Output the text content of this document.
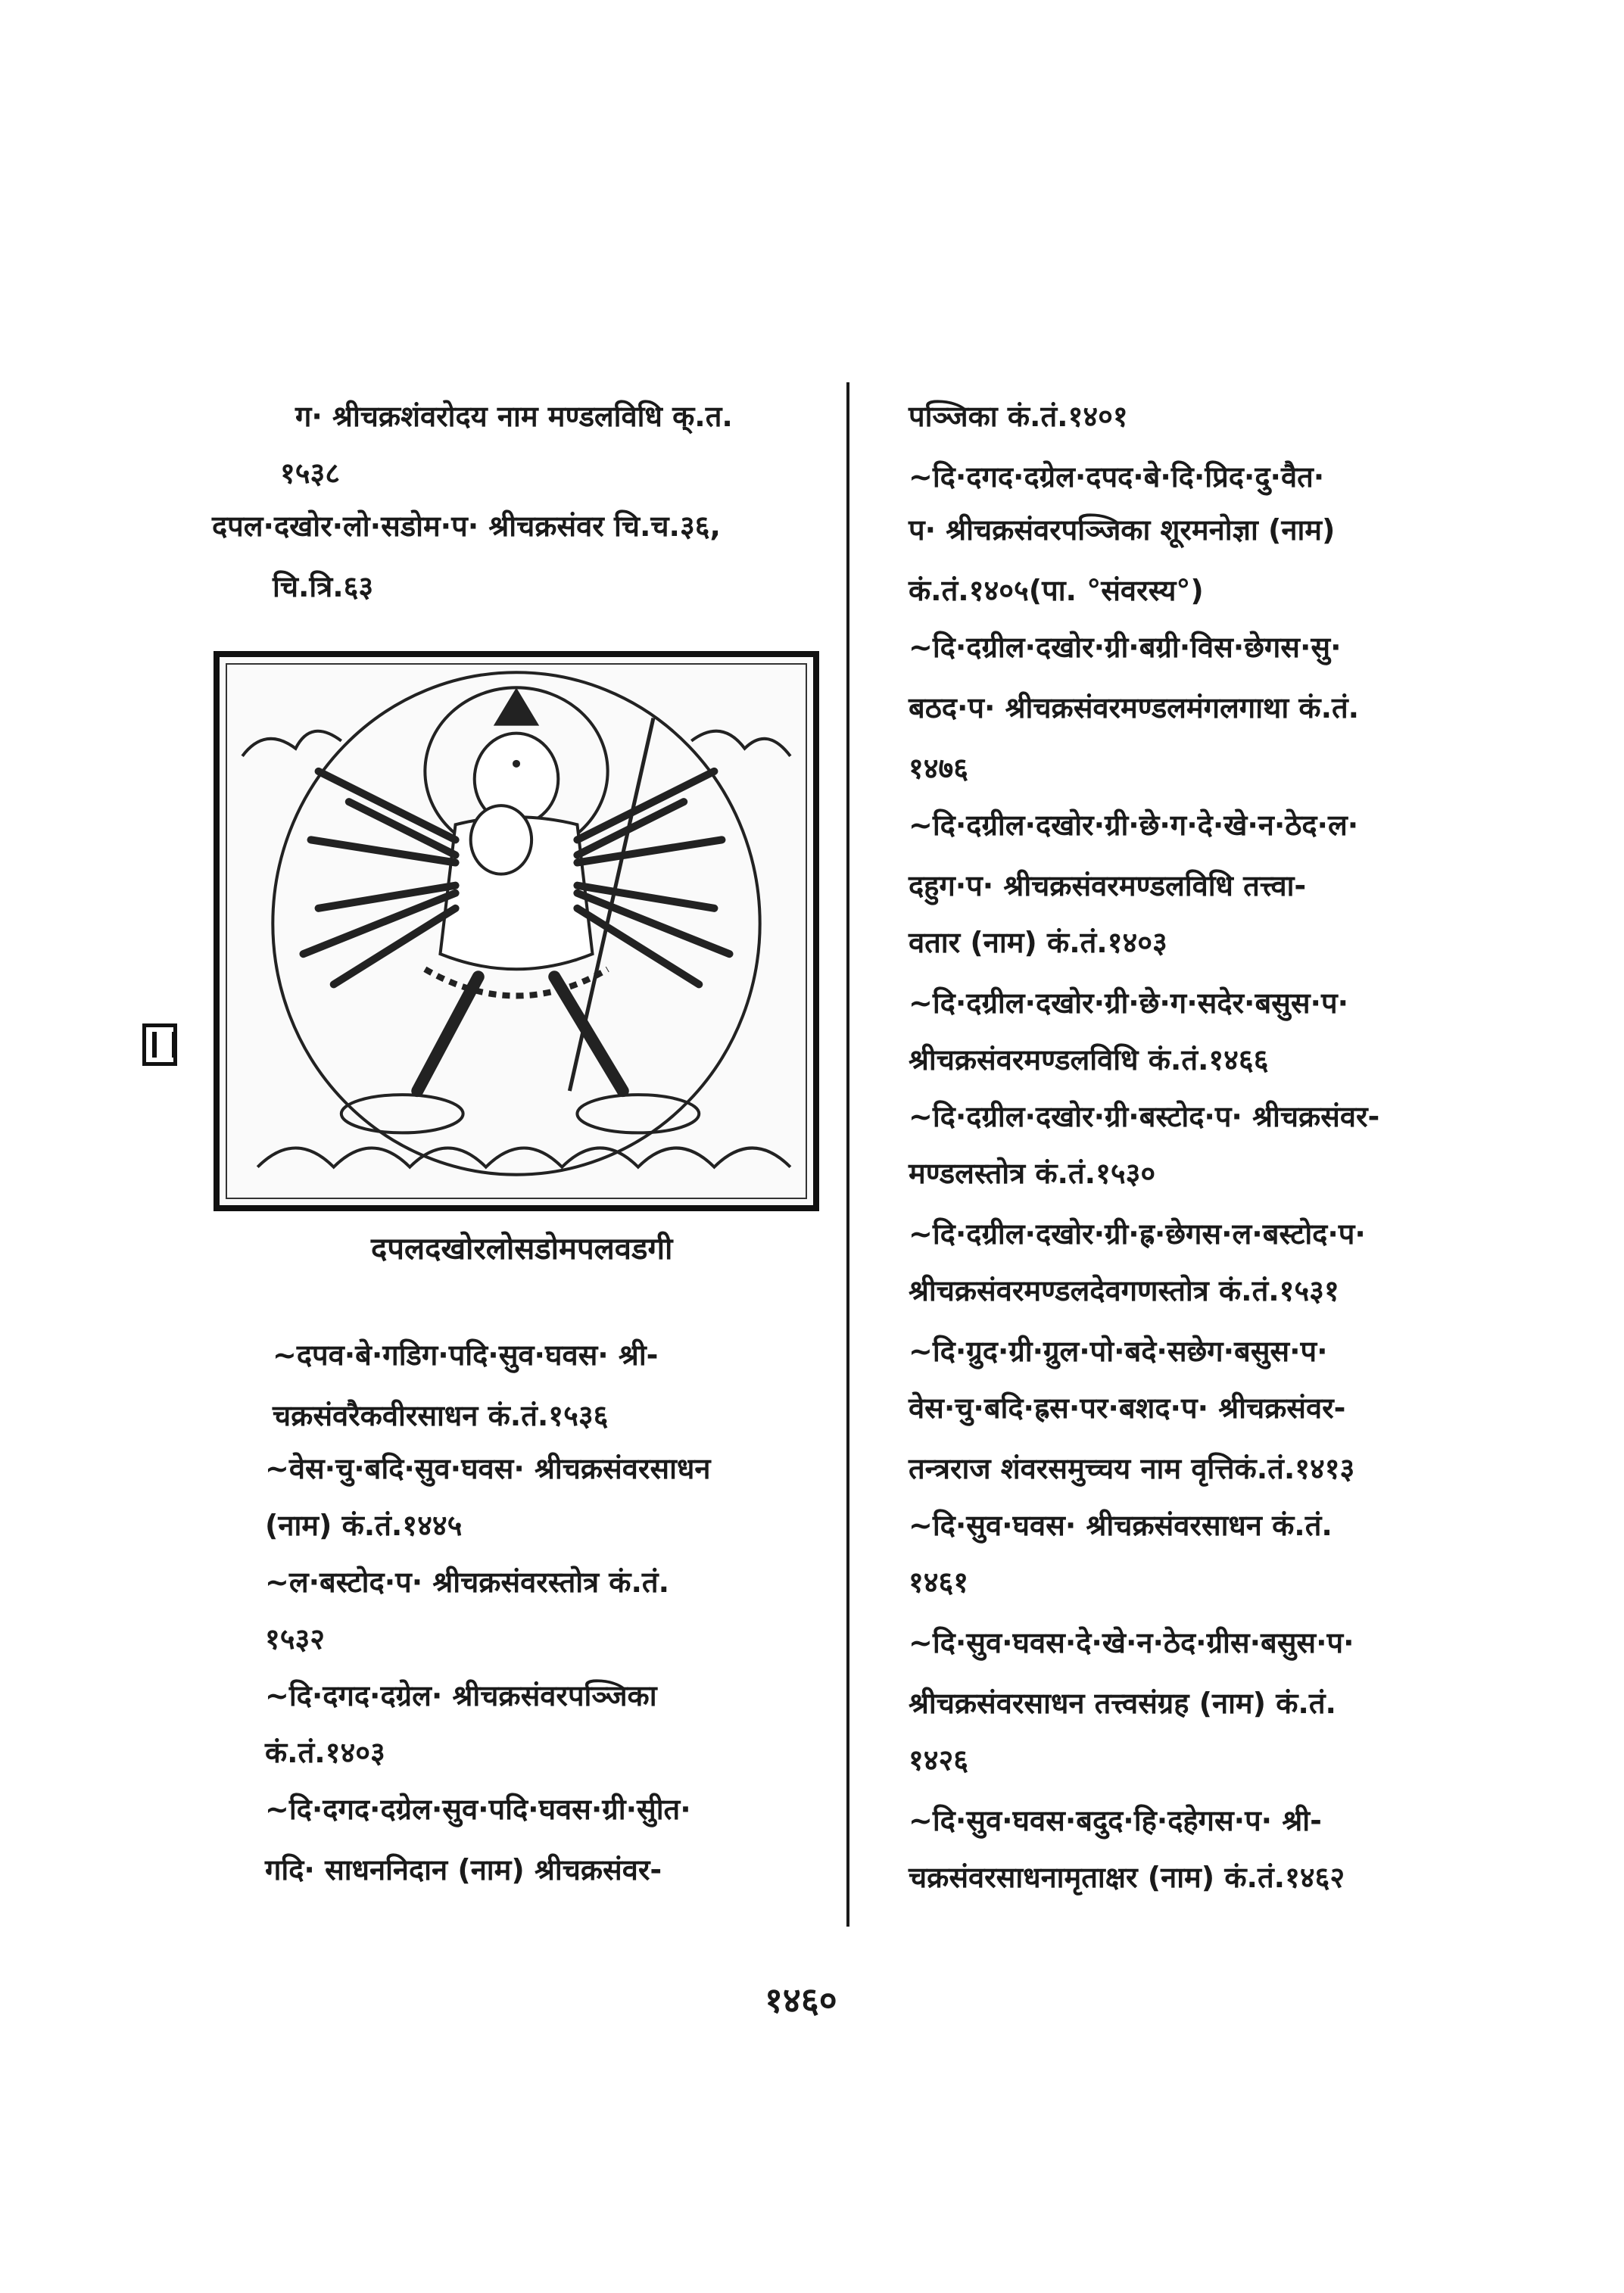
ग· श्रीचक्रशंवरोदय नाम मण्डलविधि क्.त.
१५३८
दपल·दखोर·लो·सडोम·प· श्रीचक्रसंवर चि.च.३६,
चि.त्रि.६३
दपलदखोरलोसडोमपलवडगी
~दपव·बे·गडिग·पदि·सुव·घवस· श्री-
चक्रसंवरैकवीरसाधन कं.तं.१५३६
~वेस·चु·बदि·सुव·घवस· श्रीचक्रसंवरसाधन
(नाम) कं.तं.१४४५
~ल·बस्टोद·प· श्रीचक्रसंवरस्तोत्र कं.तं.
१५३२
~दि·दगद·दग्रेल· श्रीचक्रसंवरपञ्जिका
कं.तं.१४०३
~दि·दगद·दग्रेल·सुव·पदि·घवस·ग्री·सुीत·
गदि· साधननिदान (नाम) श्रीचक्रसंवर-
पञ्जिका कं.तं.१४०१
~दि·दगद·दग्रेल·दपद·बे·दि·प्रिद·दु·वैत·
प· श्रीचक्रसंवरपञ्जिका शूरमनोज्ञा (नाम)
कं.तं.१४०५(पा. °संवरस्य°)
~दि·दग्रील·दखोर·ग्री·बग्री·विस·छेगस·सु·
बठद·प· श्रीचक्रसंवरमण्डलमंगलगाथा कं.तं.
१४७६
~दि·दग्रील·दखोर·ग्री·छे·ग·दे·खे·न·ठेद·ल·
दहुग·प· श्रीचक्रसंवरमण्डलविधि तत्त्वा-
वतार (नाम) कं.तं.१४०३
~दि·दग्रील·दखोर·ग्री·छे·ग·सदेर·बसुस·प·
श्रीचक्रसंवरमण्डलविधि कं.तं.१४६६
~दि·दग्रील·दखोर·ग्री·बस्टोद·प· श्रीचक्रसंवर-
मण्डलस्तोत्र कं.तं.१५३०
~दि·दग्रील·दखोर·ग्री·ह्र·छेगस·ल·बस्टोद·प·
श्रीचक्रसंवरमण्डलदेवगणस्तोत्र कं.तं.१५३१
~दि·ग्रुद·ग्री·ग्रुल·पो·बदे·सछेग·बसुस·प·
वेस·चु·बदि·ह्रस·पर·बशद·प· श्रीचक्रसंवर-
तन्त्रराज शंवरसमुच्चय नाम वृत्तिकं.तं.१४१३
~दि·सुव·घवस· श्रीचक्रसंवरसाधन कं.तं.
१४६१
~दि·सुव·घवस·दे·खे·न·ठेद·ग्रीस·बसुस·प·
श्रीचक्रसंवरसाधन तत्त्वसंग्रह (नाम) कं.तं.
१४२६
~दि·सुव·घवस·बदुद·हि·दहेगस·प· श्री-
चक्रसंवरसाधनामृताक्षर (नाम) कं.तं.१४६२
१४६०
